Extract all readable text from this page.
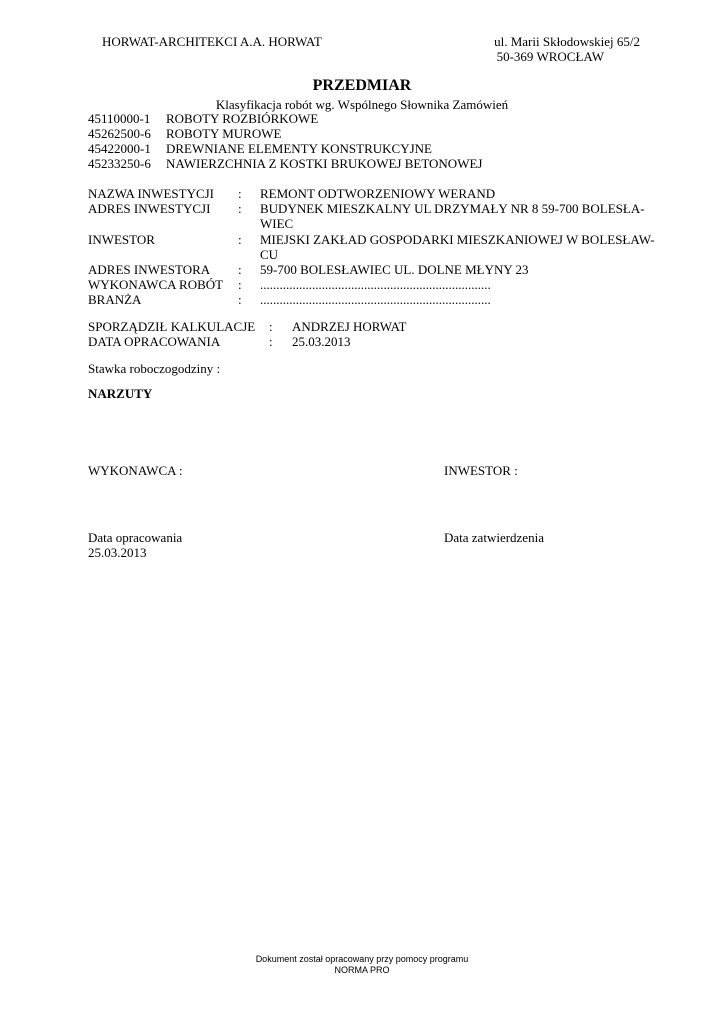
HORWAT-ARCHITEKCI A.A. HORWAT	ul. Marii Skłodowskiej 65/2
50-369 WROCŁAW
PRZEDMIAR
Klasyfikacja robót wg. Wspólnego Słownika Zamówień
45110000-1 ROBOTY ROZBIÓRKOWE
45262500-6 ROBOTY MUROWE
45422000-1 DREWNIANE ELEMENTY KONSTRUKCYJNE
45233250-6 NAWIERZCHNIA Z KOSTKI BRUKOWEJ BETONOWEJ
NAZWA INWESTYCJI : REMONT ODTWORZENIOWY WERAND
ADRES INWESTYCJI : BUDYNEK MIESZKALNY UL DRZYMAŁY NR 8 59-700 BOLESŁA-
WIEC
INWESTOR	: MIEJSKI ZAKŁAD GOSPODARKI MIESZKANIOWEJ W BOLESŁAW-
CU
ADRES INWESTORA : 59-700 BOLESŁAWIEC UL. DOLNE MŁYNY 23
WYKONAWCA ROBÓT : .......................................................................
BRANŻA	: .......................................................................
SPORZĄDZIŁ KALKULACJE : ANDRZEJ HORWAT
DATA OPRACOWANIA	: 25.03.2013
Stawka roboczogodziny :
NARZUTY
WYKONAWCA :	INWESTOR :
Data opracowania
25.03.2013
Data zatwierdzenia
Dokument został opracowany przy pomocy programu
NORMA PRO
